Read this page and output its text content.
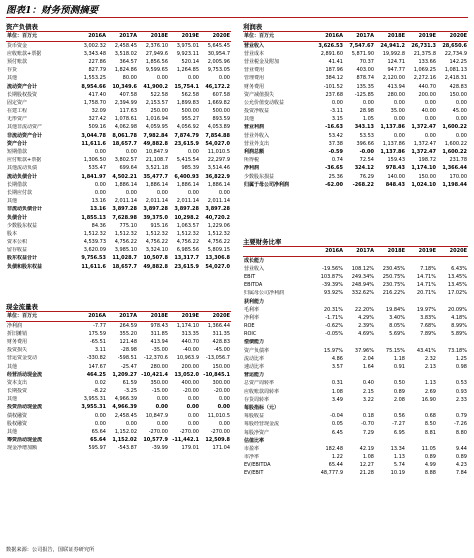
图表1：财务预测摘要
资产负债表
单位：百万元	2016A	2017A	2018E	2019E	2020E
货币资金	3,002.32	2,458.45	2,376.10	3,975.01	5,645.45
应收账款+票据	3,343.48	3,518.02	27,949.6	9,923.11	30,954.7
预付账款	227.86	364.57	1,856.56	520.14	2,005.96
存货	827.79	1,824.86	9,599.65	1,264.85	9,753.05
其他	1,553.25	80.00	0.00	0.00	0.00
流动资产合计	8,954.66	10,349.6	41,900.2	15,754.1	46,172.2
长期股权投资	417.40	407.58	522.58	562.58	607.58
固定资产	1,758.70	2,394.99	2,153.57	1,899.83	1,669.82
在建工程	32.09	117.63	250.00	500.00	500.00
无形资产	327.42	1,078.61	1,016.94	955.27	893.59
其他非流动资产	509.16	4,062.98	4,059.95	4,056.92	4,053.89
非流动资产合计	3,044.78	8,061.78	7,982.84	7,874.79	7,854.88
资产合计	11,611.6	18,657.7	49,882.8	23,615.9	54,027.0
短期借款	0.00	0.00	10,847.9	0.00	11,010.5
应付账款+票据	1,306.50	3,802.57	21,108.7	5,415.54	22,297.9
其他流动负债	535.47	699.64	3,521.18	985.39	3,514.46
流动负债合计	1,841.97	4,502.21	35,477.7	6,400.93	36,822.9
长期借款	0.00	1,886.14	1,886.14	1,886.14	1,886.14
长期应付款	0.00	0.00	0.00	0.00	0.00
其他	13.16	2,011.14	2,011.14	2,011.14	2,011.14
非流动负债合计	13.16	3,897.28	3,897.28	3,897.28	3,897.28
负债合计	1,855.13	7,628.98	39,375.0	10,298.2	40,720.2
少数股东权益	84.36	775.10	915.16	1,063.57	1,229.06
股本	1,512.32	1,512.32	1,512.32	1,512.32	1,512.32
资本公积	4,539.73	4,756.22	4,756.22	4,756.22	4,756.22
留存收益	3,620.09	3,985.10	3,324.10	6,985.56	5,809.15
股东权益合计	9,756.53	11,028.7	10,507.8	13,317.7	13,306.8
负债和股东权益	11,611.6	18,657.7	49,882.8	23,615.9	54,027.0
现金流量表
单位：百万元	2016A	2017A	2018E	2019E	2020E
净利润	-7.77	264.59	978.43	1,174.10	1,366.44
折旧摊销	175.59	355.20	311.85	313.35	311.35
财务费用	-65.51	121.48	413.94	440.70	428.83
投资损失	3.11	-28.98	-35.00	-40.00	-45.00
营运资金变动	-330.82	-598.51	-12,370.6	10,963.9	-13,056.7
其他	147.67	-25.47	280.00	200.00	150.00
经营活动现金流	464.25	1,209.27	-10,421.4	13,052.0	-10,845.1
资本支出	0.02	61.59	350.00	400.00	300.00
长期投资	-8.22	-3.25	-15.00	-20.00	-20.00
其他	3,955.31	4,966.39	0.00	0.00	0.00
投资活动现金流	3,955.31	4,966.39	0.00	0.00	0.00
债权融资	0.00	2,458.45	10,847.9	0.00	11,010.5
股权融资	0.00	0.00	0.00	0.00	0.00
其他	65.64	1,152.02	-270.00	-270.00	-270.00
筹资活动现金流	65.64	1,152.02	10,577.9	-11,442.1	12,509.8
现金净增加额	595.97	-543.87	-39.99	179.01	171.04
利润表
单位：百万元	2016A	2017A	2018E	2019E	2020E
营业收入	3,626.53	7,547.67	24,941.2	26,731.3	28,650.6
营业成本	2,891.60	5,871.90	19,992.8	21,375.8	22,734.9
营业税金及附加	41.41	70.37	124.71	133.66	142.25
营业费用	187.96	403.00	947.77	1,069.25	1,081.13
管理费用	384.12	878.74	2,120.00	2,272.16	2,418.31
财务费用	-101.52	135.35	413.94	440.70	428.83
资产减值损失	237.68	-125.85	280.00	200.00	150.00
公允价值变动收益	0.00	0.00	0.00	0.00	0.00
投资净收益	-3.11	28.98	35.00	40.00	45.00
其他	3.15	1.05	0.00	0.00	0.00
营业利润	-16.63	343.13	1,137.86	1,372.47	1,600.22
营业外收入	53.42	53.53	0.00	0.00	0.00
营业外支出	37.38	396.66	1,137.86	1,372.47	1,600.22
利润总额	-0.59	-0.00	1,137.86	1,372.47	1,600.22
所得税	0.74	72.54	159.43	198.72	231.78
净利润	-36.65	324.12	978.43	1,174.10	1,366.44
少数股东损益	25.36	76.29	140.00	150.00	170.00
归属于母公司净利润	-62.00	-268.22	848.43	1,024.10	1,198.44
主要财务比率
	2016A	2017A	2018E	2019E	2020E
成长能力					
营业收入	-19.56%	108.12%	230.45%	7.18%	6.43%
EBIT	103.87%	249.34%	250.75%	14.71%	13.45%
EBITDA	-39.39%	248.94%	230.75%	14.71%	13.45%
归属母公司净利润	93.92%	332.62%	216.22%	20.71%	17.02%
获利能力					
毛利率	20.31%	22.20%	19.84%	19.97%	20.09%
净利率	-1.71%	4.29%	3.40%	3.83%	4.18%
ROE	-0.62%	2.39%	8.05%	7.68%	8.99%
ROIC	-0.05%	4.69%	5.69%	7.89%	5.89%
偿债能力					
资产负债率	15.97%	37.96%	75.15%	43.41%	73.18%
流动比率	4.86	2.04	1.18	2.32	1.25
速动比率	3.57	1.64	0.91	2.13	0.98
营运能力					
总资产周转率	0.31	0.40	0.50	1.13	0.53
应收账款周转率	1.08	2.15	0.89	2.69	0.93
存货周转率	3.49	3.22	2.08	16.90	2.33
每股指标（元）					
每股收益	-0.04	0.18	0.56	0.68	0.79
每股经营现金流	0.05	-0.70	-7.27	8.50	-7.26
每股净资产	6.45	7.29	6.95	8.81	8.80
估值比率					
市盈率	182.48	42.19	13.34	11.05	9.44
市净率	1.22	1.08	1.13	0.89	0.89
EV/EBITDA	65.44	12.27	5.74	4.99	4.23
EV/EBIT	48,777.9	21.28	10.19	8.88	7.84
数据来源：公司报告，国联证券研究所
